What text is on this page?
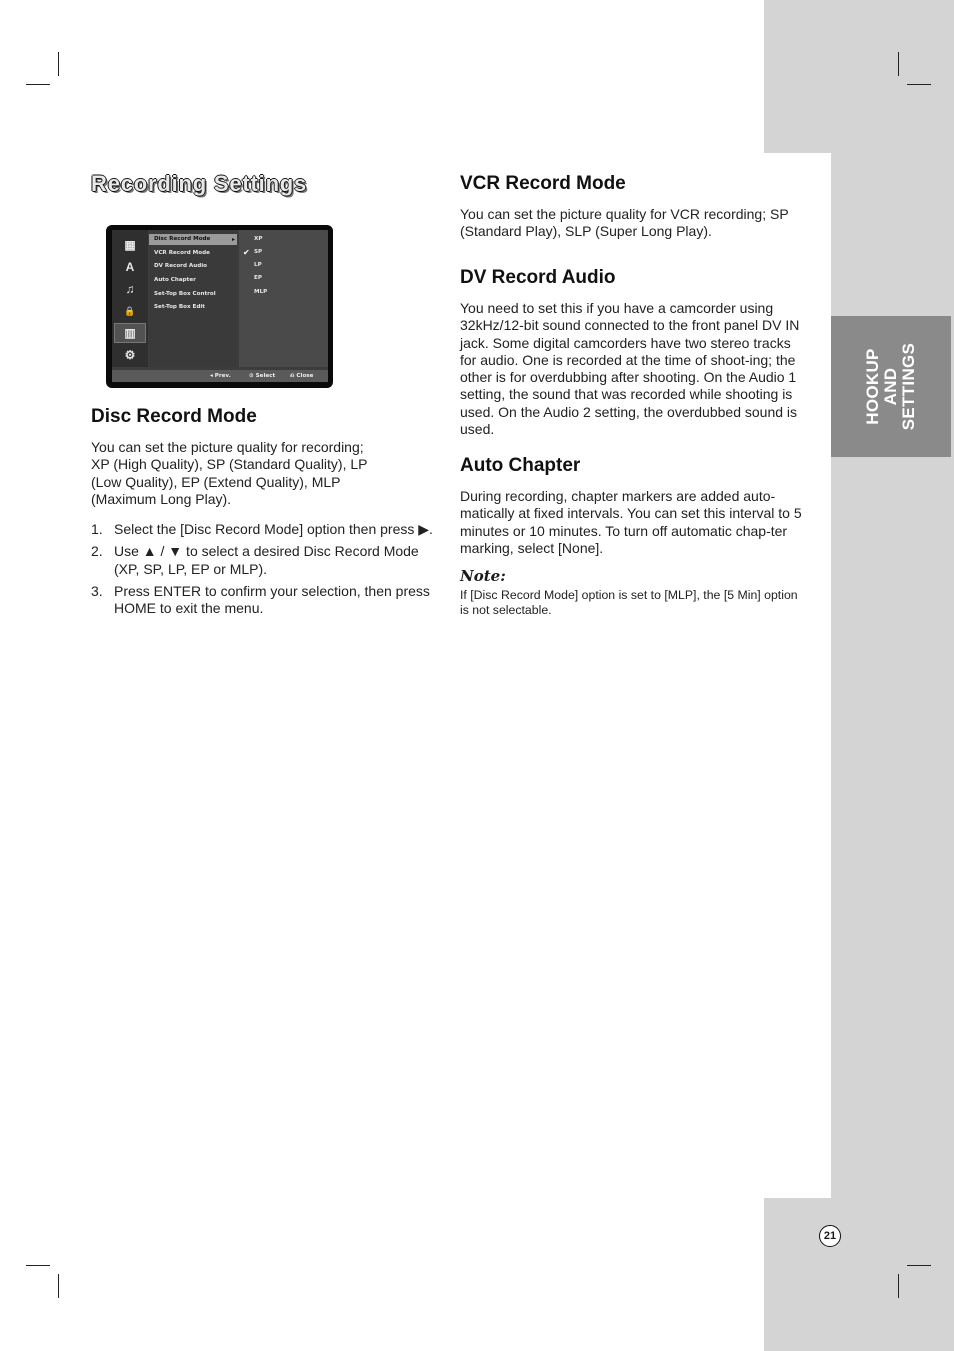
HOOKUP AND SETTINGS
21
Recording Settings
▦
A
♫
🔒
▥
⚙
Disc Record Mode	▸
VCR Record Mode
DV Record Audio
Auto Chapter
Set-Top Box Control
Set-Top Box Edit
XP
✔ SP
LP
EP
MLP
◂ Prev.	⊙ Select	⎌ Close
Disc Record Mode

You can set the picture quality for recording; XP (High Quality), SP (Standard Quality), LP (Low Quality), EP (Extend Quality), MLP (Maximum Long Play).

1. Select the [Disc Record Mode] option then press ▶.
2. Use ▲ / ▼ to select a desired Disc Record Mode (XP, SP, LP, EP or MLP).
3. Press ENTER to confirm your selection, then press HOME to exit the menu.
VCR Record Mode

You can set the picture quality for VCR recording; SP (Standard Play), SLP (Super Long Play).

DV Record Audio

You need to set this if you have a camcorder using 32kHz/12-bit sound connected to the front panel DV IN jack. Some digital camcorders have two stereo tracks for audio. One is recorded at the time of shoot-ing; the other is for overdubbing after shooting. On the Audio 1 setting, the sound that was recorded while shooting is used. On the Audio 2 setting, the overdubbed sound is used.

Auto Chapter

During recording, chapter markers are added auto-matically at fixed intervals. You can set this interval to 5 minutes or 10 minutes. To turn off automatic chap-ter marking, select [None].

Note:

If [Disc Record Mode] option is set to [MLP], the [5 Min] option is not selectable.
